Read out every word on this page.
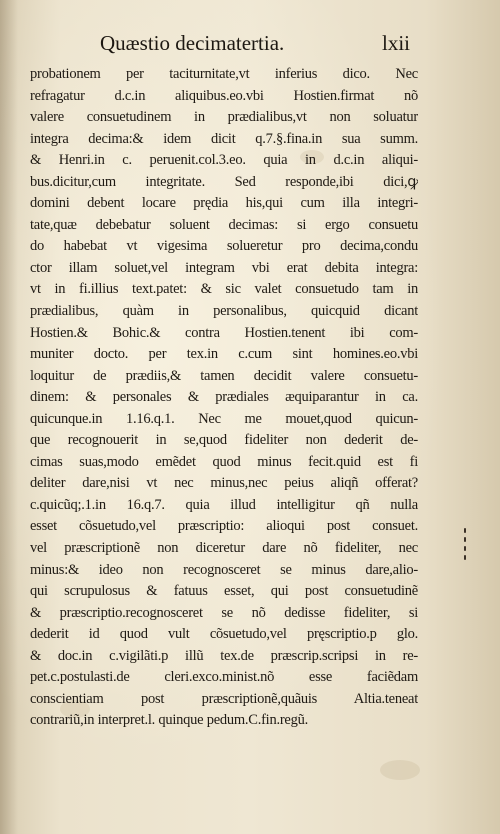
Quæstio decimatertia.	lxii
probationem per taciturnitate,vt inferius dico. Nec
refragatur d.c.in aliquibus.eo.vbi Hostien.firmat nõ
valere consuetudinem in prædialibus,vt non soluatur
integra decima:& idem dicit q.7.§.fina.in sua summ.
& Henri.in c. peruenit.col.3.eo. quia in d.c.in aliqui-
bus.dicitur,cum integritate. Sed responde,ibi dici,ꝙ
domini debent locare prędia his,qui cum illa integri-
tate,quæ debebatur soluent decimas: si ergo consuetu
do habebat vt vigesima solueretur pro decima,condu
ctor illam soluet,vel integram vbi erat debita integra:
vt in fi.illius text.patet: & sic valet consuetudo tam in
prædialibus, quàm in personalibus, quicquid dicant
Hostien.& Bohic.& contra Hostien.tenent ibi com-
muniter docto. per tex.in c.cum sint homines.eo.vbi
loquitur de prædiis,& tamen decidit valere consuetu-
dinem: & personales & prædiales æquiparantur in ca.
quicunque.in 1.16.q.1. Nec me mouet,quod quicun-
que recognouerit in se,quod fideliter non dederit de-
cimas suas,modo emẽdet quod minus fecit.quid est fi
deliter dare,nisi vt nec minus,nec peius aliqñ offerat?
c.quicũq;.1.in 16.q.7. quia illud intelligitur qñ nulla
esset cõsuetudo,vel præscriptio: alioqui post consuet.
vel præscriptionẽ non diceretur dare nõ fideliter, nec
minus:& ideo non recognosceret se minus dare,alio-
qui scrupulosus & fatuus esset, qui post consuetudinẽ
& præscriptio.recognosceret se nõ dedisse fideliter, si
dederit id quod vult cõsuetudo,vel pręscriptio.p glo.
& doc.in c.vigilãti.p illũ tex.de præscrip.scripsi in re-
pet.c.postulasti.de cleri.exco.minist.nõ esse faciẽdam
conscientiam post præscriptionẽ,quãuis Altia.teneat
contrariũ,in interpret.l. quinque pedum.C.fin.regũ.
